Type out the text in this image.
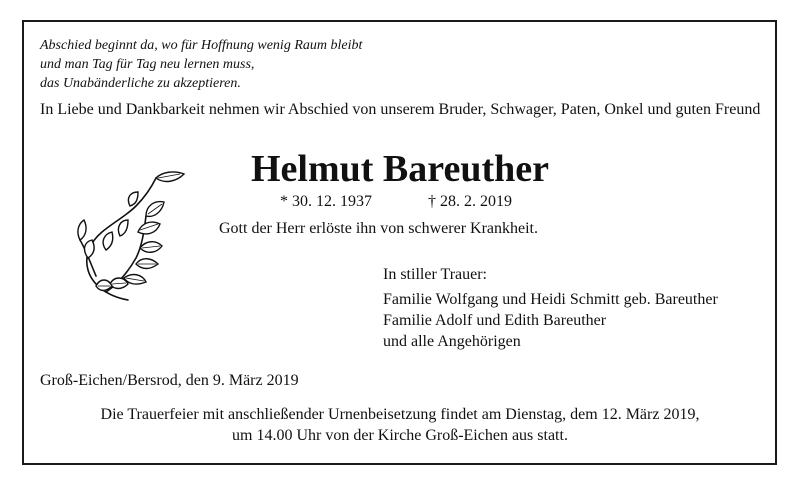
Abschied beginnt da, wo für Hoffnung wenig Raum bleibt
und man Tag für Tag neu lernen muss,
das Unabänderliche zu akzeptieren.
In Liebe und Dankbarkeit nehmen wir Abschied von unserem Bruder, Schwager, Paten, Onkel und guten Freund
Helmut Bareuther
* 30. 12. 1937	† 28. 2. 2019
Gott der Herr erlöste ihn von schwerer Krankheit.
In stiller Trauer:
Familie Wolfgang und Heidi Schmitt geb. Bareuther
Familie Adolf und Edith Bareuther
und alle Angehörigen
Groß-Eichen/Bersrod, den 9. März 2019
Die Trauerfeier mit anschließender Urnenbeisetzung findet am Dienstag, dem 12. März 2019,
um 14.00 Uhr von der Kirche Groß-Eichen aus statt.
